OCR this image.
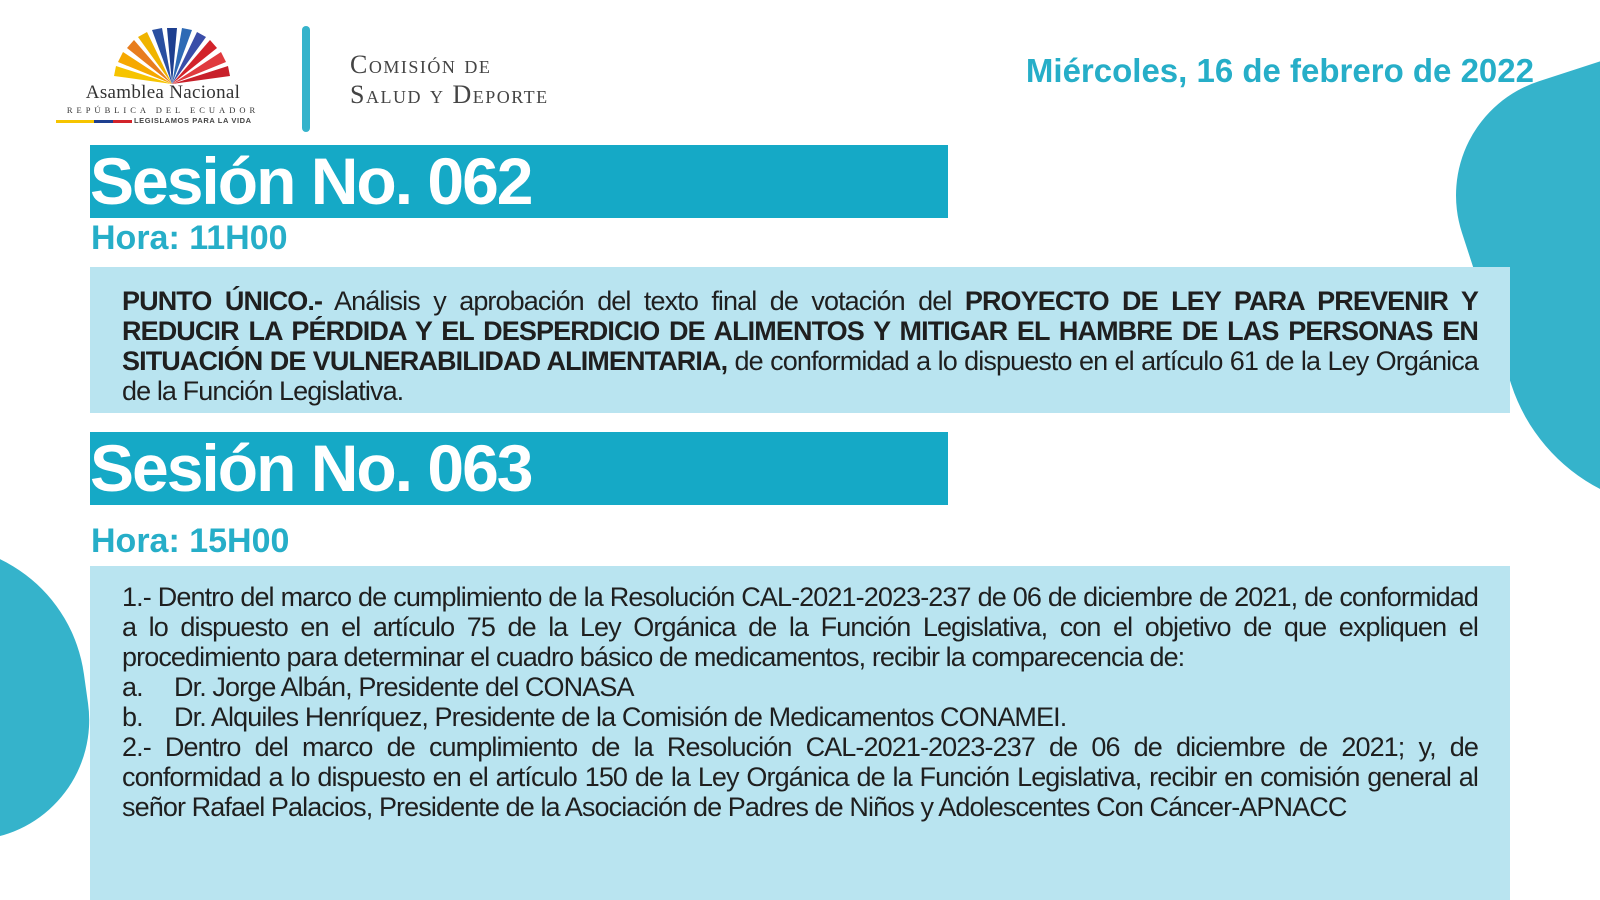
Asamblea Nacional
REPÚBLICA DEL ECUADOR
LEGISLAMOS PARA LA VIDA
Comisión de
Salud y Deporte
Miércoles, 16 de febrero de 2022
Sesión No. 062
Hora: 11H00
PUNTO ÚNICO.- Análisis y aprobación del texto final de votación del PROYECTO DE LEY PARA PREVENIR Y REDUCIR LA PÉRDIDA Y EL DESPERDICIO DE ALIMENTOS Y MITIGAR EL HAMBRE DE LAS PERSONAS EN SITUACIÓN DE VULNERABILIDAD ALIMENTARIA, de conformidad a lo dispuesto en el artículo 61 de la Ley Orgánica de la Función Legislativa.
Sesión No. 063
Hora: 15H00
1.- Dentro del marco de cumplimiento de la Resolución CAL-2021-2023-237 de 06 de diciembre de 2021, de conformidad a lo dispuesto en el artículo 75 de la Ley Orgánica de la Función Legislativa, con el objetivo de que expliquen el procedimiento para determinar el cuadro básico de medicamentos, recibir la comparecencia de:
a. Dr. Jorge Albán, Presidente del CONASA
b. Dr. Alquiles Henríquez, Presidente de la Comisión de Medicamentos CONAMEI.
2.- Dentro del marco de cumplimiento de la Resolución CAL-2021-2023-237 de 06 de diciembre de 2021; y, de conformidad a lo dispuesto en el artículo 150 de la Ley Orgánica de la Función Legislativa, recibir en comisión general al señor Rafael Palacios, Presidente de la Asociación de Padres de Niños y Adolescentes Con Cáncer-APNACC
